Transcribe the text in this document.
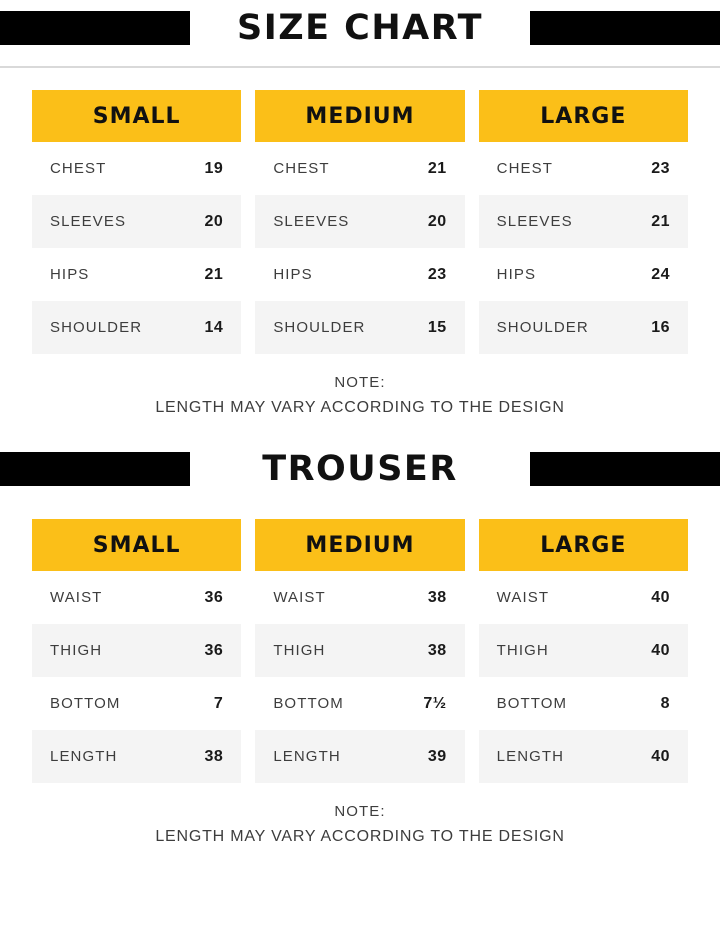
SIZE CHART
SMALL
CHEST	19
SLEEVES	20
HIPS	21
SHOULDER	14
MEDIUM
CHEST	21
SLEEVES	20
HIPS	23
SHOULDER	15
LARGE
CHEST	23
SLEEVES	21
HIPS	24
SHOULDER	16
NOTE:
LENGTH MAY VARY ACCORDING TO THE DESIGN
TROUSER
SMALL
WAIST	36
THIGH	36
BOTTOM	7
LENGTH	38
MEDIUM
WAIST	38
THIGH	38
BOTTOM	7½
LENGTH	39
LARGE
WAIST	40
THIGH	40
BOTTOM	8
LENGTH	40
NOTE:
LENGTH MAY VARY ACCORDING TO THE DESIGN
